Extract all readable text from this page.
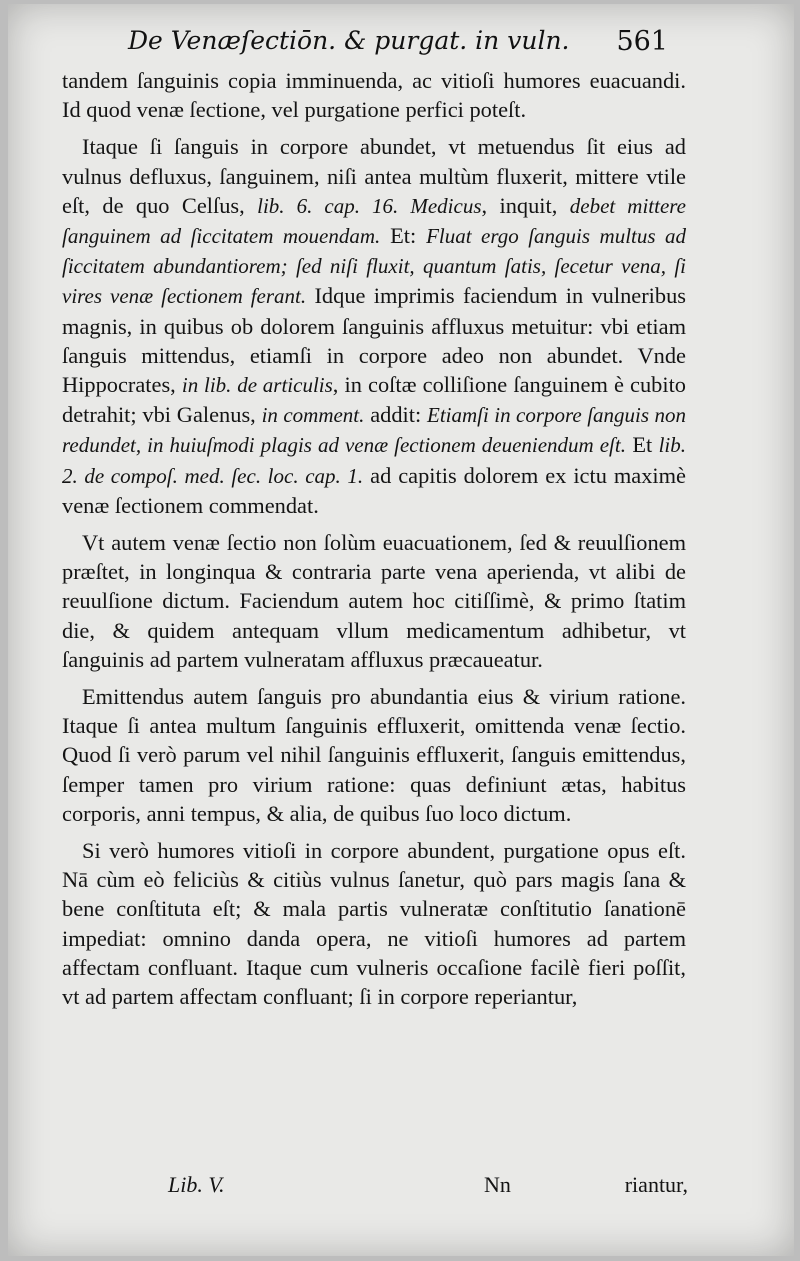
De Venæſectiōn. & purgat. in vuln. 561

tandem ſanguinis copia imminuenda, ac vitioſi humores euacuandi. Id quod venæ ſectione, vel purgatione perfici poteſt.

Itaque ſi ſanguis in corpore abundet, vt metuendus ſit eius ad vulnus defluxus, ſanguinem, niſi antea multùm fluxerit, mittere vtile eſt, de quo Celſus, lib. 6. cap. 16. Medicus, inquit, debet mittere ſanguinem ad ſiccitatem mouendam. Et: Fluat ergo ſanguis multus ad ſiccitatem abundantiorem; ſed niſi fluxit, quantum ſatis, ſecetur vena, ſi vires venæ ſectionem ferant. Idque imprimis faciendum in vulneribus magnis, in quibus ob dolorem ſanguinis affluxus metuitur: vbi etiam ſanguis mittendus, etiamſi in corpore adeo non abundet. Vnde Hippocrates, in lib. de articulis, in coſtæ colliſione ſanguinem è cubito detrahit; vbi Galenus, in comment. addit: Etiamſi in corpore ſanguis non redundet, in huiuſmodi plagis ad venæ ſectionem deueniendum eſt. Et lib. 2. de compoſ. med. ſec. loc. cap. 1. ad capitis dolorem ex ictu maximè venæ ſectionem commendat.

Vt autem venæ ſectio non ſolùm euacuationem, ſed & reuulſionem præſtet, in longinqua & contraria parte vena aperienda, vt alibi de reuulſione dictum. Faciendum autem hoc citiſſimè, & primo ſtatim die, & quidem antequam vllum medicamentum adhibetur, vt ſanguinis ad partem vulneratam affluxus præcaueatur.

Emittendus autem ſanguis pro abundantia eius & virium ratione. Itaque ſi antea multum ſanguinis effluxerit, omittenda venæ ſectio. Quod ſi verò parum vel nihil ſanguinis effluxerit, ſanguis emittendus, ſemper tamen pro virium ratione: quas definiunt ætas, habitus corporis, anni tempus, & alia, de quibus ſuo loco dictum.

Si verò humores vitioſi in corpore abundent, purgatione opus eſt. Nā cùm eò feliciùs & citiùs vulnus ſanetur, quò pars magis ſana & bene conſtituta eſt; & mala partis vulneratæ conſtitutio ſanationē impediat: omnino danda opera, ne vitioſi humores ad partem affectam confluant. Itaque cum vulneris occaſione facilè fieri poſſit, vt ad partem affectam confluant; ſi in corpore reperiantur,

Lib. V.	Nn	riantur,
